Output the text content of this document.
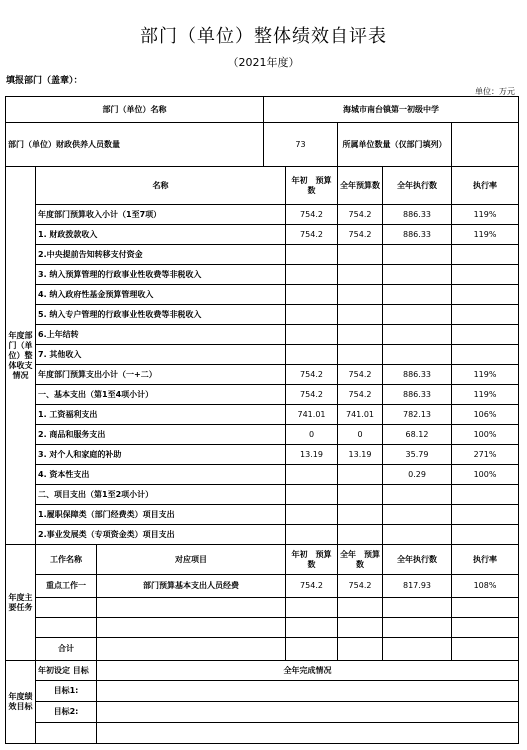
部门（单位）整体绩效自评表
（2021年度）
填报部门（盖章）：
单位：万元
部门（单位）名称			海城市南台镇第一初级中学				
部门（单位）财政供养人员数量			73		所属单位数量（仅部门填列）		
年度部门（单位）整体收支情况	名称			年初　预算数	全年预算数	全年执行数	执行率
	年度部门预算收入小计（1至7项）			754.2	754.2	886.33	119%
	1. 财政拨款收入			754.2	754.2	886.33	119%
	2.中央提前告知转移支付资金						
	3. 纳入预算管理的行政事业性收费等非税收入						
	4. 纳入政府性基金预算管理收入						
	5. 纳入专户管理的行政事业性收费等非税收入						
	6.上年结转						
	7. 其他收入						
	年度部门预算支出小计（一+二）			754.2	754.2	886.33	119%
	一、基本支出（第1至4项小计）			754.2	754.2	886.33	119%
	1. 工资福利支出			741.01	741.01	782.13	106%
	2. 商品和服务支出			0	0	68.12	100%
	3. 对个人和家庭的补助			13.19	13.19	35.79	271%
	4. 资本性支出					0.29	100%
	二、项目支出（第1至2项小计）						
	1.履职保障类（部门经费类）项目支出						
	2.事业发展类（专项资金类）项目支出						
年度主要任务	工作名称	对应项目		年初　预算数	全年　预算数	全年执行数	执行率
	重点工作一	部门预算基本支出人员经费		754.2	754.2	817.93	108%

	合计						
年度绩效目标	年初设定 目标	全年完成情况					
	目标1:						
	目标2:						
